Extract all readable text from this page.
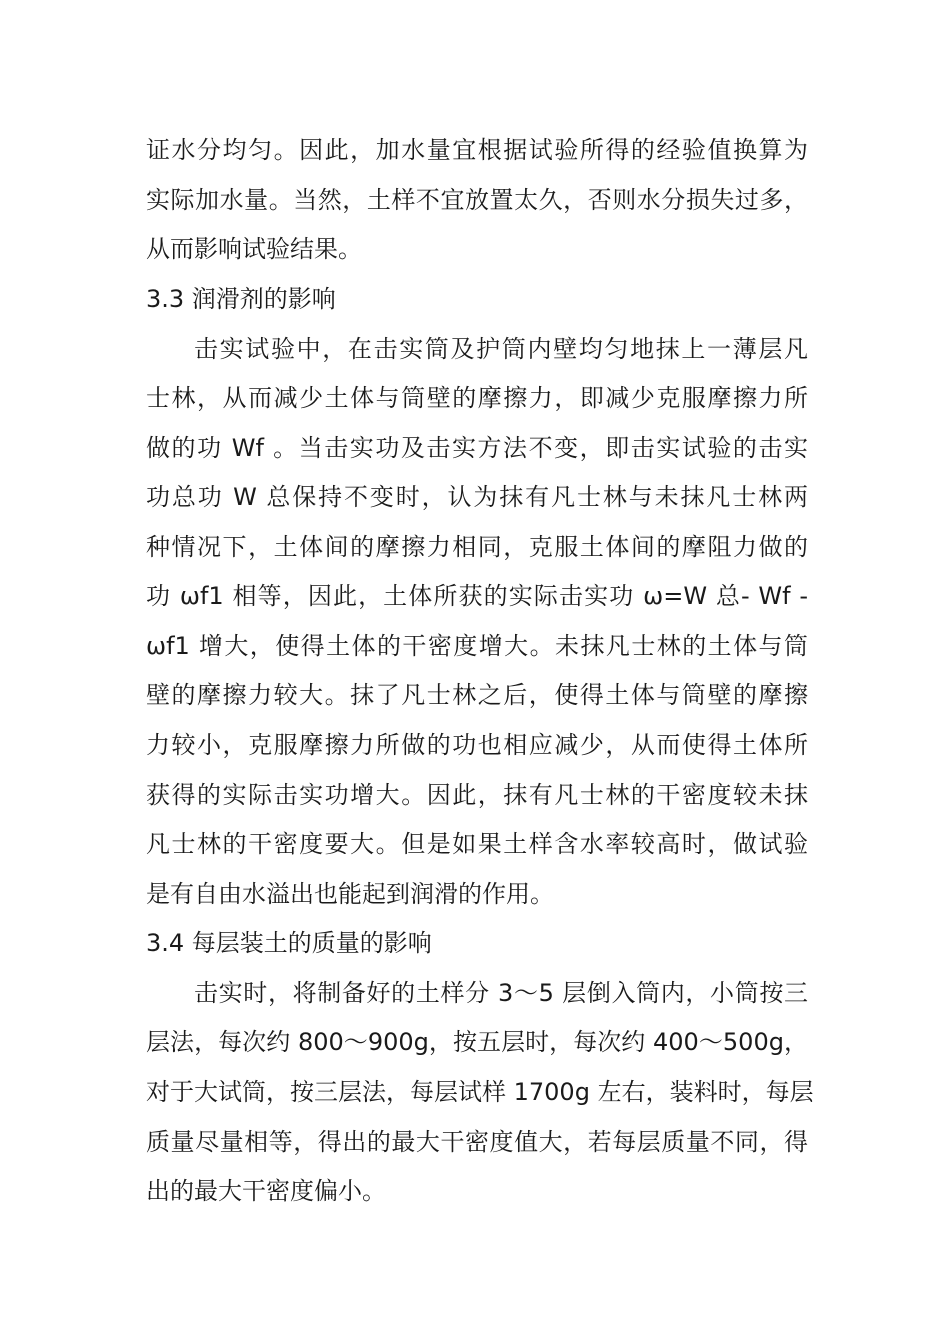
证水分均匀。因此，加水量宜根据试验所得的经验值换算为
实际加水量。当然，土样不宜放置太久，否则水分损失过多，
从而影响试验结果。
3.3 润滑剂的影响
击实试验中，在击实筒及护筒内壁均匀地抹上一薄层凡
士林，从而减少土体与筒壁的摩擦力，即减少克服摩擦力所
做的功 Wf 。当击实功及击实方法不变，即击实试验的击实
功总功 W 总保持不变时，认为抹有凡士林与未抹凡士林两
种情况下，土体间的摩擦力相同，克服土体间的摩阻力做的
功 ωf1 相等，因此，土体所获的实际击实功 ω=W 总- Wf -
ωf1 增大，使得土体的干密度增大。未抹凡士林的土体与筒
壁的摩擦力较大。抹了凡士林之后，使得土体与筒壁的摩擦
力较小，克服摩擦力所做的功也相应减少，从而使得土体所
获得的实际击实功增大。因此，抹有凡士林的干密度较未抹
凡士林的干密度要大。但是如果土样含水率较高时，做试验
是有自由水溢出也能起到润滑的作用。
3.4 每层装土的质量的影响
击实时，将制备好的土样分 3～5 层倒入筒内，小筒按三
层法，每次约 800～900g，按五层时，每次约 400～500g，
对于大试筒，按三层法，每层试样 1700g 左右，装料时，每层
质量尽量相等，得出的最大干密度值大，若每层质量不同，得
出的最大干密度偏小。
